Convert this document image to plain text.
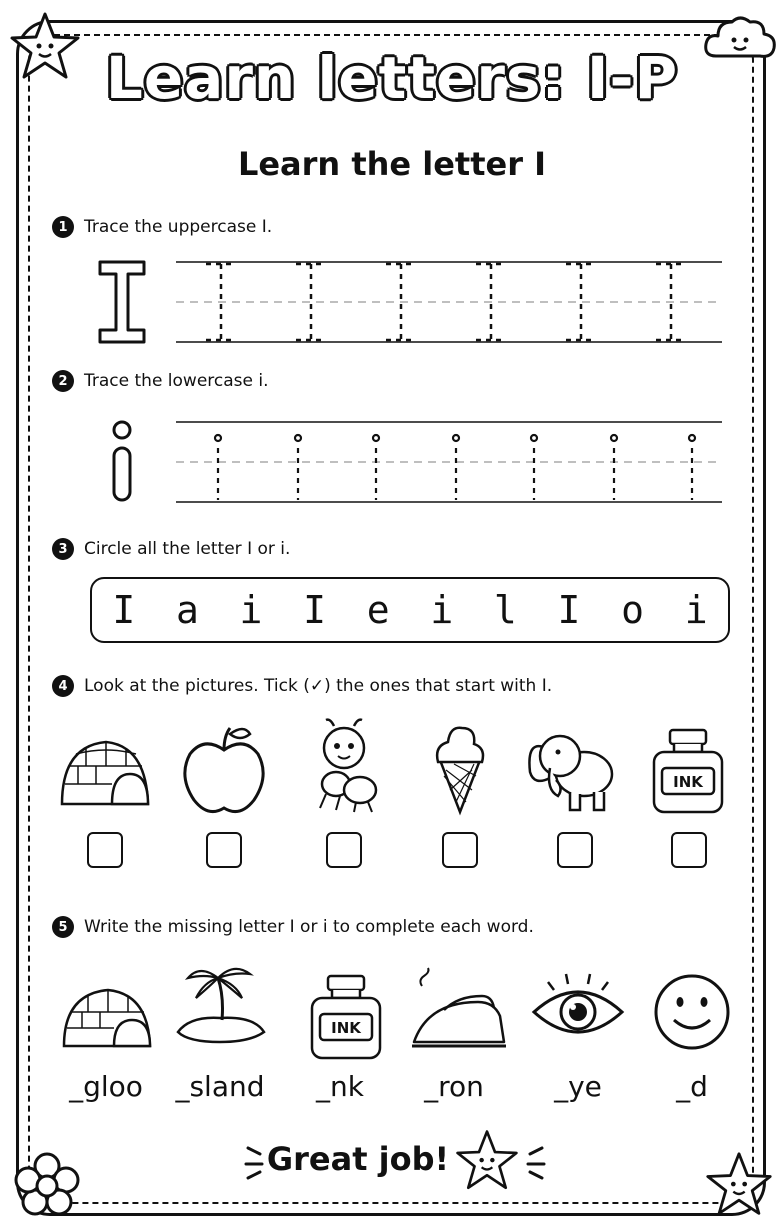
Learn letters: I-P
Learn the letter I
1 Trace the uppercase I.
2 Trace the lowercase i.
3 Circle all the letter I or i.
I a i I e i l I o i
4 Look at the pictures. Tick (✓) the ones that start with I.
INK
5 Write the missing letter I or i to complete each word.
INK
_gloo	_sland	_nk	_ron	_ye	_d
Great job!
